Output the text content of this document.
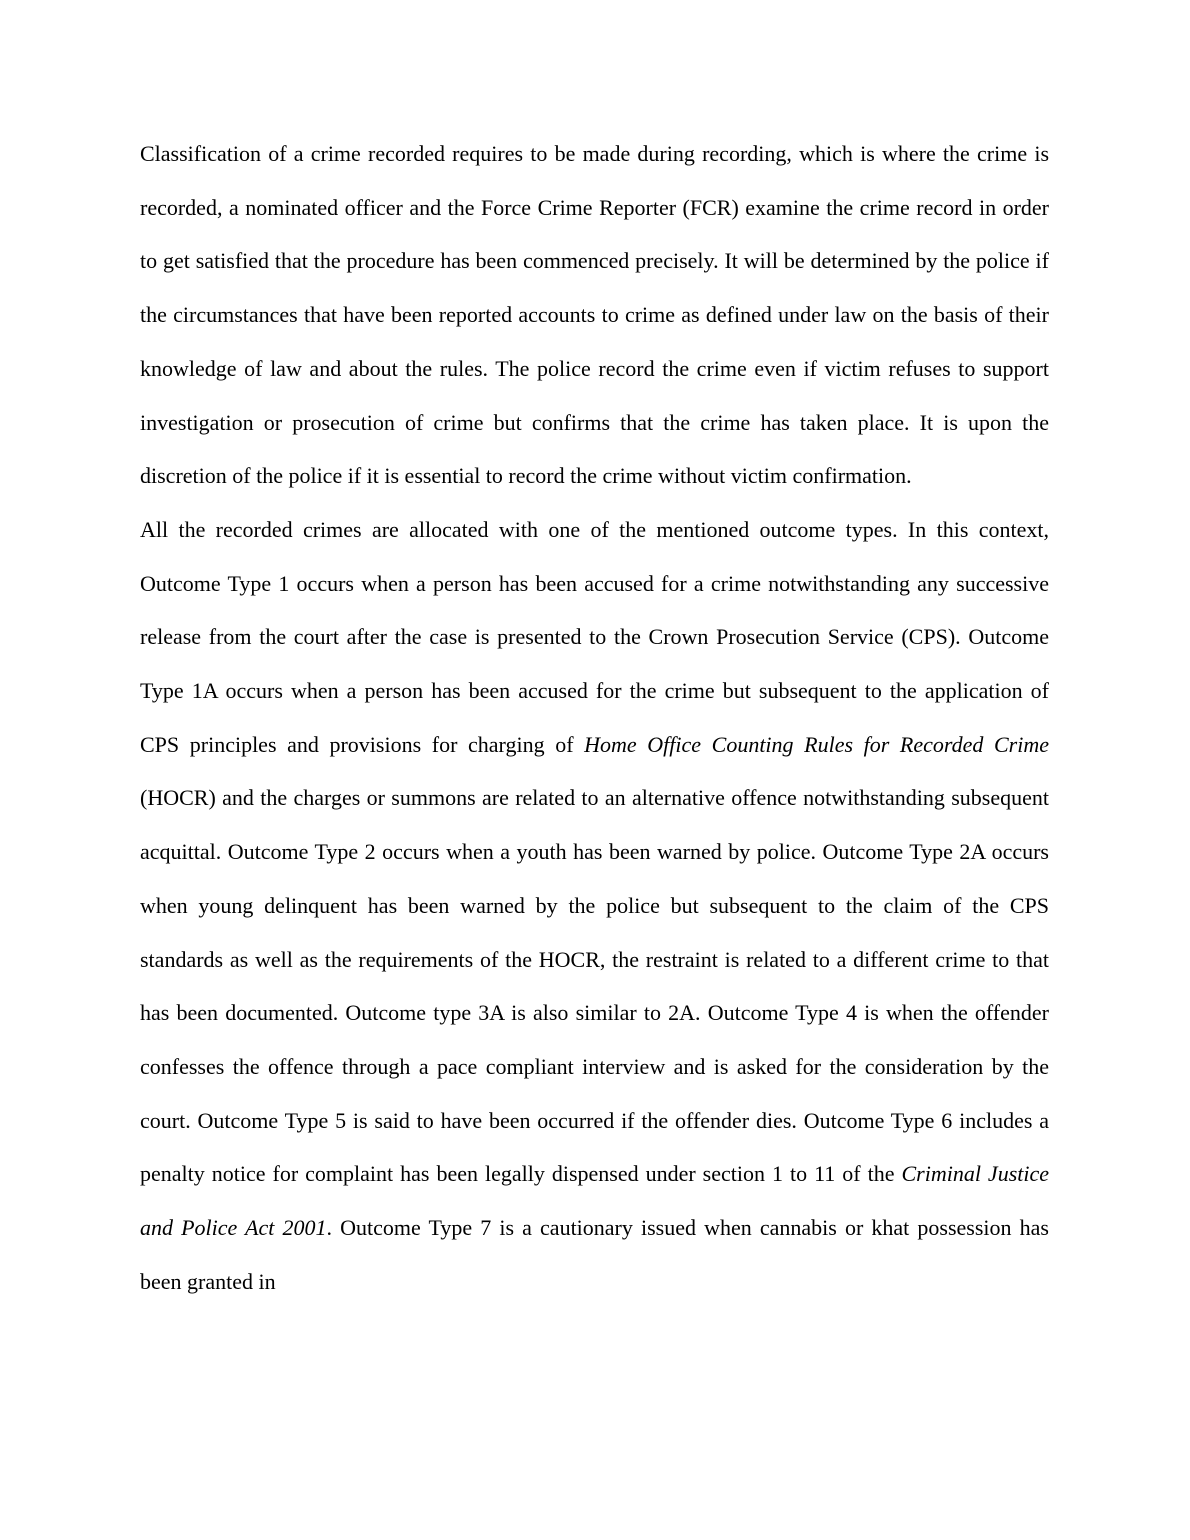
Classification of a crime recorded requires to be made during recording, which is where the crime is recorded, a nominated officer and the Force Crime Reporter (FCR) examine the crime record in order to get satisfied that the procedure has been commenced precisely. It will be determined by the police if the circumstances that have been reported accounts to crime as defined under law on the basis of their knowledge of law and about the rules. The police record the crime even if victim refuses to support investigation or prosecution of crime but confirms that the crime has taken place. It is upon the discretion of the police if it is essential to record the crime without victim confirmation.

All the recorded crimes are allocated with one of the mentioned outcome types. In this context, Outcome Type 1 occurs when a person has been accused for a crime notwithstanding any successive release from the court after the case is presented to the Crown Prosecution Service (CPS). Outcome Type 1A occurs when a person has been accused for the crime but subsequent to the application of CPS principles and provisions for charging of Home Office Counting Rules for Recorded Crime (HOCR) and the charges or summons are related to an alternative offence notwithstanding subsequent acquittal. Outcome Type 2 occurs when a youth has been warned by police. Outcome Type 2A occurs when young delinquent has been warned by the police but subsequent to the claim of the CPS standards as well as the requirements of the HOCR, the restraint is related to a different crime to that has been documented. Outcome type 3A is also similar to 2A. Outcome Type 4 is when the offender confesses the offence through a pace compliant interview and is asked for the consideration by the court. Outcome Type 5 is said to have been occurred if the offender dies. Outcome Type 6 includes a penalty notice for complaint has been legally dispensed under section 1 to 11 of the Criminal Justice and Police Act 2001. Outcome Type 7 is a cautionary issued when cannabis or khat possession has been granted in
